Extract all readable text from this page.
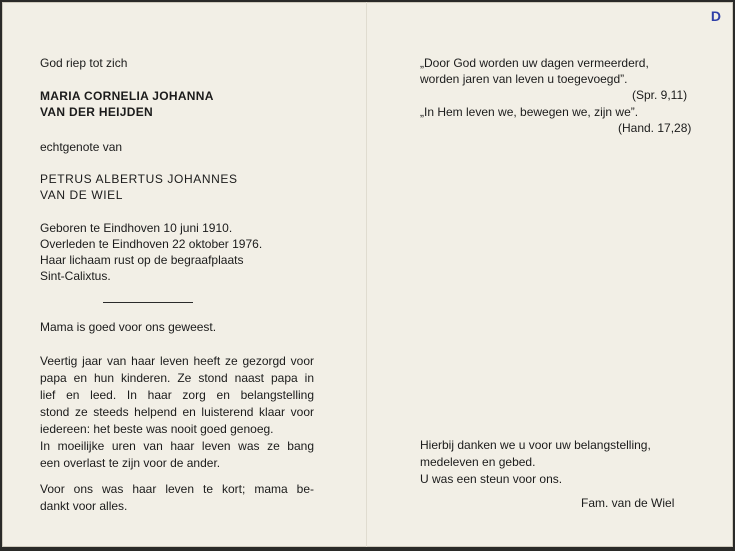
D
God riep tot zich
MARIA CORNELIA JOHANNA
VAN DER HEIJDEN
echtgenote van
PETRUS ALBERTUS JOHANNES
VAN DE WIEL
Geboren te Eindhoven 10 juni 1910.
Overleden te Eindhoven 22 oktober 1976.
Haar lichaam rust op de begraafplaats
Sint-Calixtus.
Mama is goed voor ons geweest.
Veertig jaar van haar leven heeft ze gezorgd voor
papa en hun kinderen. Ze stond naast papa in
lief en leed. In haar zorg en belangstelling
stond ze steeds helpend en luisterend klaar voor
iedereen: het beste was nooit goed genoeg.
In moeilijke uren van haar leven was ze bang
een overlast te zijn voor de ander.
Voor ons was haar leven te kort; mama be-
dankt voor alles.
„Door God worden uw dagen vermeerderd,
worden jaren van leven u toegevoegd”.
(Spr. 9,11)
„In Hem leven we, bewegen we, zijn we”.
(Hand. 17,28)
Hierbij danken we u voor uw belangstelling,
medeleven en gebed.
U was een steun voor ons.
Fam. van de Wiel
